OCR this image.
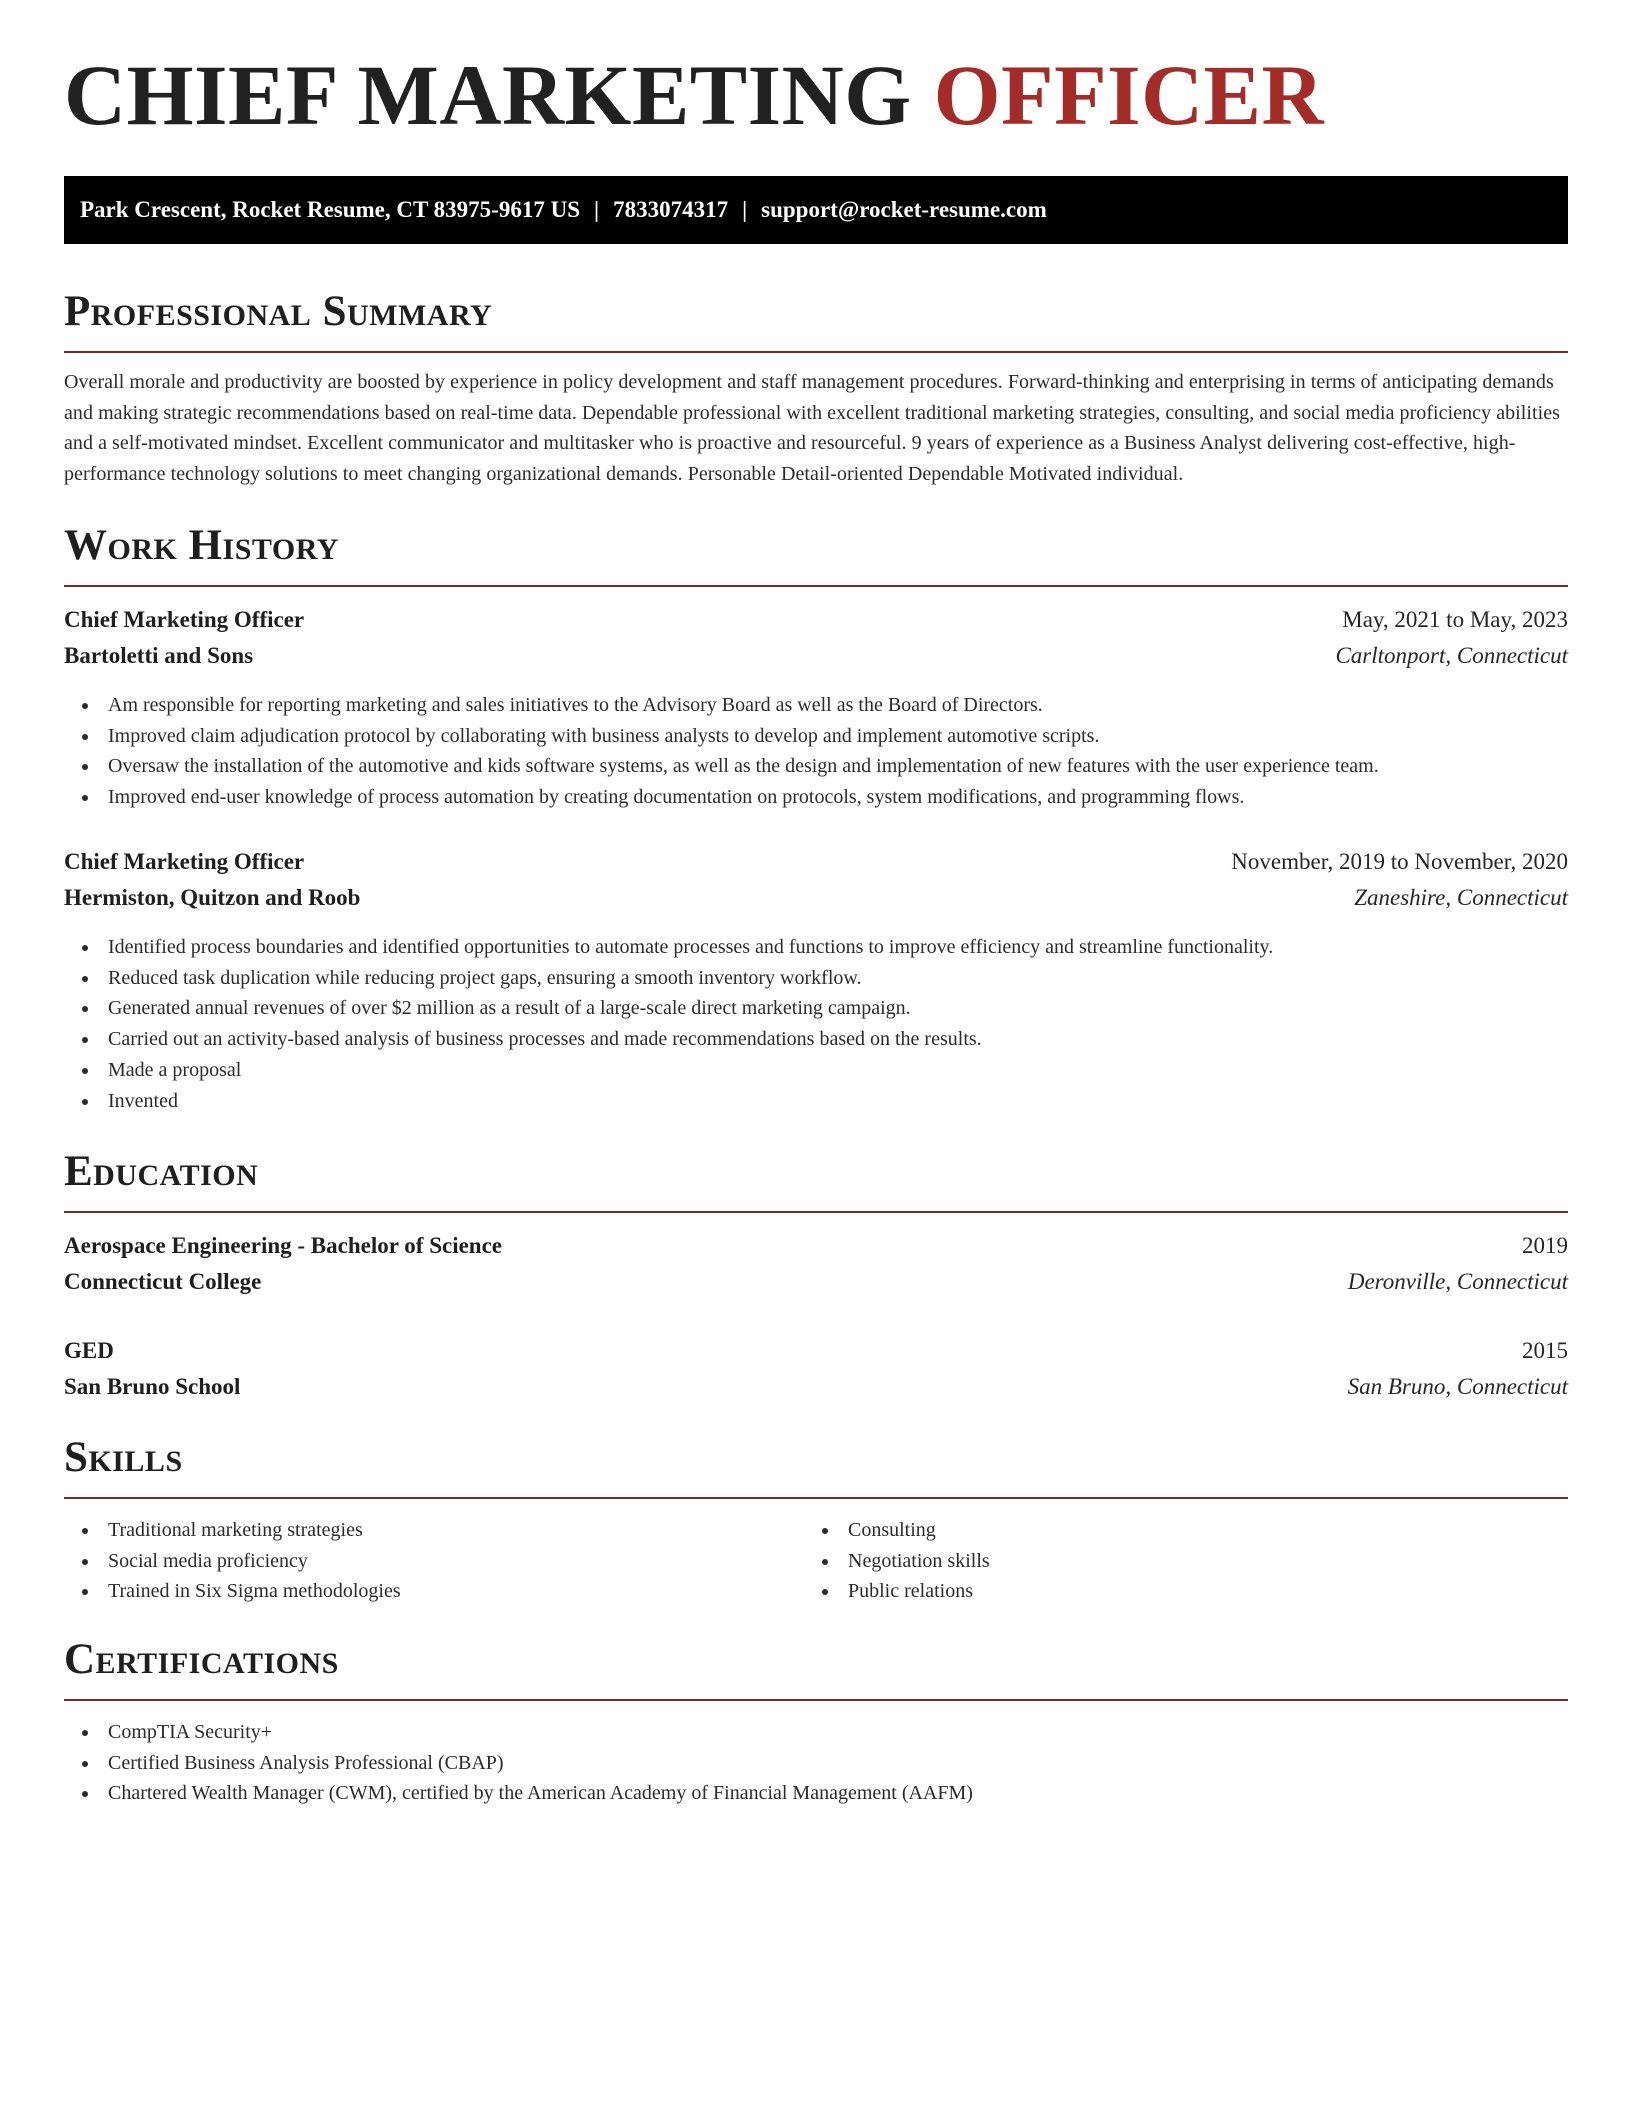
CHIEF MARKETING OFFICER
Park Crescent, Rocket Resume, CT 83975-9617 US | 7833074317 | support@rocket-resume.com
Professional Summary

Overall morale and productivity are boosted by experience in policy development and staff management procedures. Forward-thinking and enterprising in terms of anticipating demands and making strategic recommendations based on real-time data. Dependable professional with excellent traditional marketing strategies, consulting, and social media proficiency abilities and a self-motivated mindset. Excellent communicator and multitasker who is proactive and resourceful. 9 years of experience as a Business Analyst delivering cost-effective, high-performance technology solutions to meet changing organizational demands. Personable Detail-oriented Dependable Motivated individual.

Work History
Chief Marketing Officer	May, 2021 to May, 2023
Bartoletti and Sons	Carltonport, Connecticut
Am responsible for reporting marketing and sales initiatives to the Advisory Board as well as the Board of Directors.
Improved claim adjudication protocol by collaborating with business analysts to develop and implement automotive scripts.
Oversaw the installation of the automotive and kids software systems, as well as the design and implementation of new features with the user experience team.
Improved end-user knowledge of process automation by creating documentation on protocols, system modifications, and programming flows.
Chief Marketing Officer	November, 2019 to November, 2020
Hermiston, Quitzon and Roob	Zaneshire, Connecticut
Identified process boundaries and identified opportunities to automate processes and functions to improve efficiency and streamline functionality.
Reduced task duplication while reducing project gaps, ensuring a smooth inventory workflow.
Generated annual revenues of over $2 million as a result of a large-scale direct marketing campaign.
Carried out an activity-based analysis of business processes and made recommendations based on the results.
Made a proposal
Invented
Education
Aerospace Engineering - Bachelor of Science	2019
Connecticut College	Deronville, Connecticut
GED	2015
San Bruno School	San Bruno, Connecticut
Skills
Traditional marketing strategies
Social media proficiency
Trained in Six Sigma methodologies
Consulting
Negotiation skills
Public relations
Certifications
CompTIA Security+
Certified Business Analysis Professional (CBAP)
Chartered Wealth Manager (CWM), certified by the American Academy of Financial Management (AAFM)
